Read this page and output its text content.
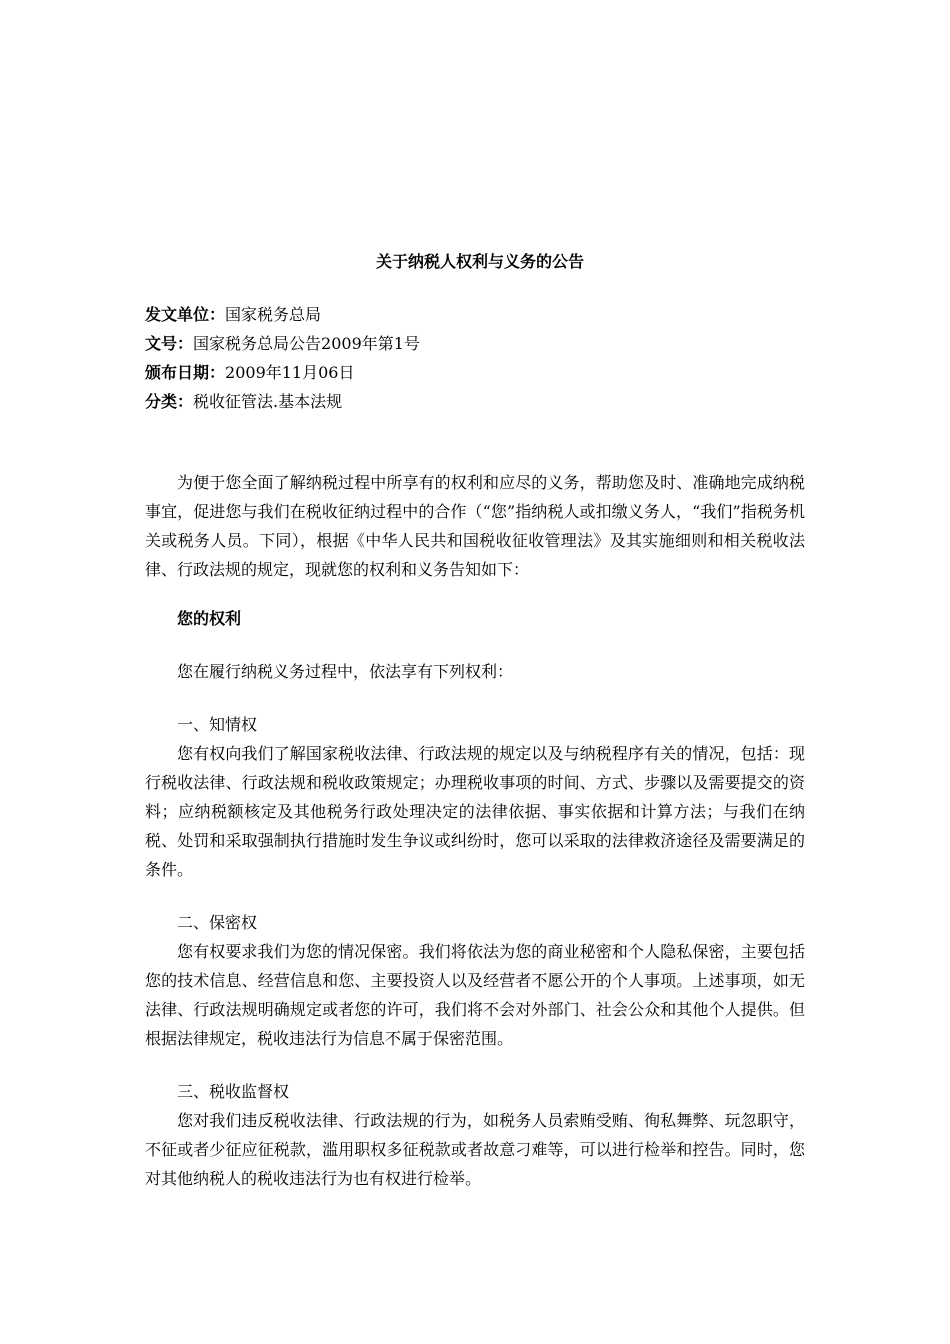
关于纳税人权利与义务的公告
发文单位：国家税务总局
文号：国家税务总局公告2009年第1号
颁布日期：2009年11月06日
分类：税收征管法.基本法规

为便于您全面了解纳税过程中所享有的权利和应尽的义务，帮助您及时、准确地完成纳税事宜，促进您与我们在税收征纳过程中的合作（“您”指纳税人或扣缴义务人，“我们”指税务机关或税务人员。下同），根据《中华人民共和国税收征收管理法》及其实施细则和相关税收法律、行政法规的规定，现就您的权利和义务告知如下：

您的权利
您在履行纳税义务过程中，依法享有下列权利：
一、知情权

您有权向我们了解国家税收法律、行政法规的规定以及与纳税程序有关的情况，包括：现行税收法律、行政法规和税收政策规定；办理税收事项的时间、方式、步骤以及需要提交的资料；应纳税额核定及其他税务行政处理决定的法律依据、事实依据和计算方法；与我们在纳税、处罚和采取强制执行措施时发生争议或纠纷时，您可以采取的法律救济途径及需要满足的条件。

二、保密权

您有权要求我们为您的情况保密。我们将依法为您的商业秘密和个人隐私保密，主要包括您的技术信息、经营信息和您、主要投资人以及经营者不愿公开的个人事项。上述事项，如无法律、行政法规明确规定或者您的许可，我们将不会对外部门、社会公众和其他个人提供。但根据法律规定，税收违法行为信息不属于保密范围。

三、税收监督权

您对我们违反税收法律、行政法规的行为，如税务人员索贿受贿、徇私舞弊、玩忽职守，不征或者少征应征税款，滥用职权多征税款或者故意刁难等，可以进行检举和控告。同时，您对其他纳税人的税收违法行为也有权进行检举。
